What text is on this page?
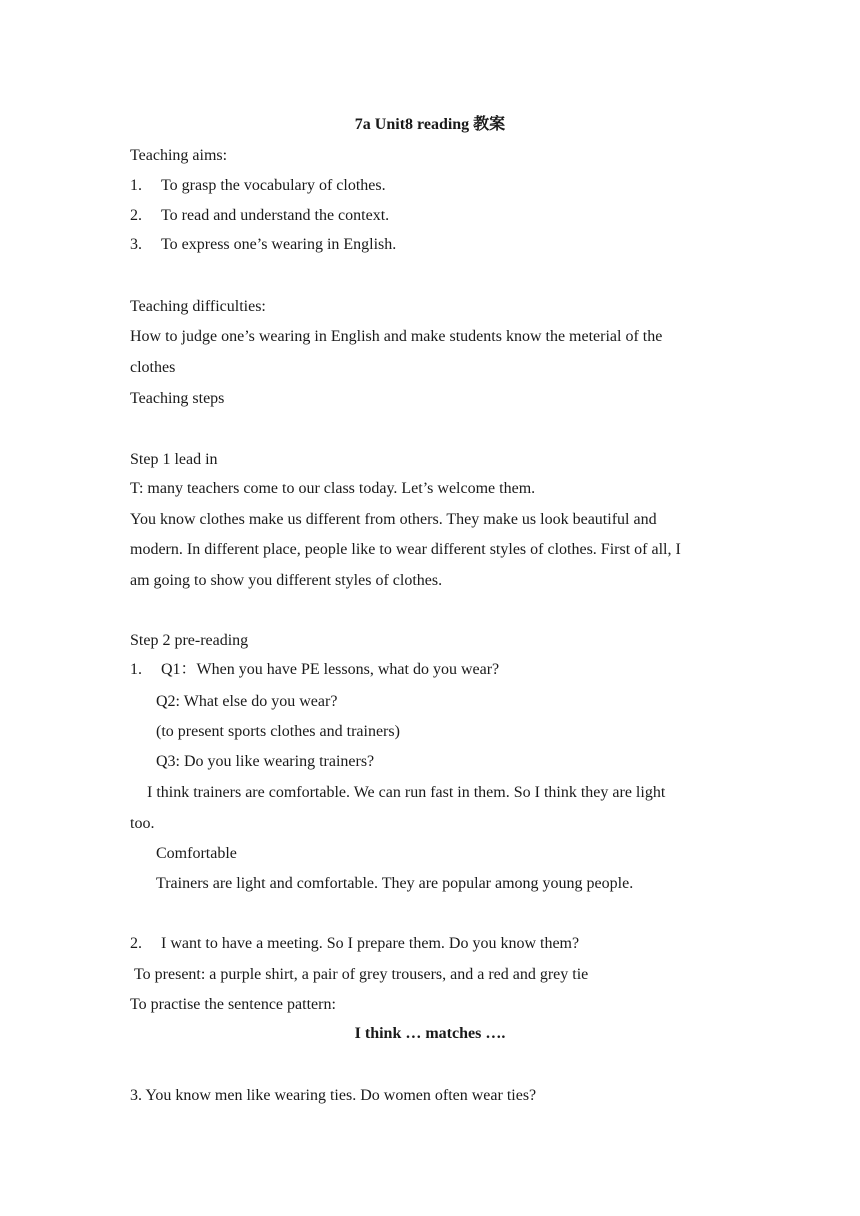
7a Unit8 reading 教案
Teaching aims:
1. To grasp the vocabulary of clothes.
2. To read and understand the context.
3. To express one’s wearing in English.
Teaching difficulties:
How to judge one’s wearing in English and make students know the meterial of the
clothes
Teaching steps
Step 1 lead in
T: many teachers come to our class today. Let’s welcome them.
You know clothes make us different from others. They make us look beautiful and
modern. In different place, people like to wear different styles of clothes. First of all, I
am going to show you different styles of clothes.
Step 2 pre-reading
1. Q1：When you have PE lessons, what do you wear?
Q2: What else do you wear?
(to present sports clothes and trainers)
Q3: Do you like wearing trainers?
I think trainers are comfortable. We can run fast in them. So I think they are light
too.
Comfortable
Trainers are light and comfortable. They are popular among young people.
2. I want to have a meeting. So I prepare them. Do you know them?
To present: a purple shirt, a pair of grey trousers, and a red and grey tie
To practise the sentence pattern:
I think … matches ….
3. You know men like wearing ties. Do women often wear ties?
